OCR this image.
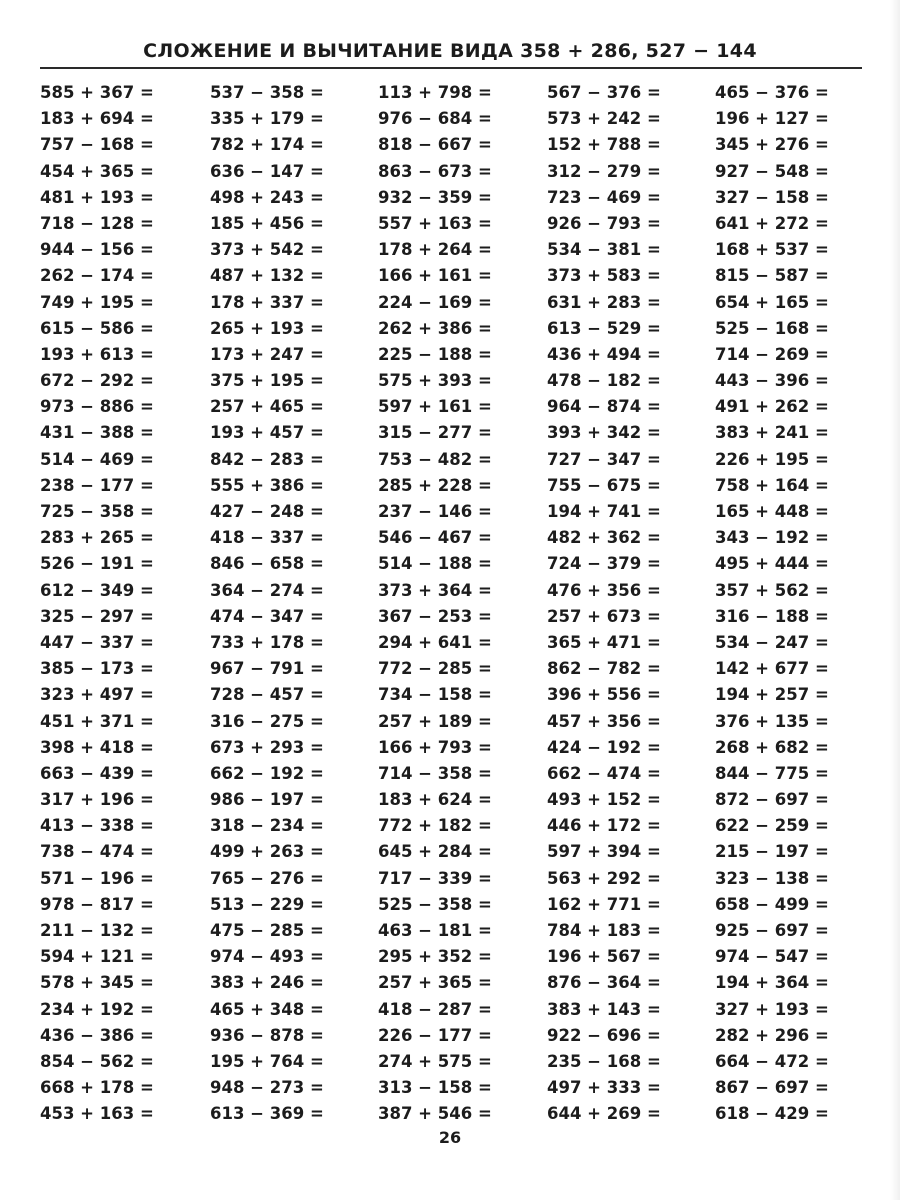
СЛОЖЕНИЕ И ВЫЧИТАНИЕ ВИДА 358 + 286, 527 − 144
585 + 367 =
183 + 694 =
757 − 168 =
454 + 365 =
481 + 193 =
718 − 128 =
944 − 156 =
262 − 174 =
749 + 195 =
615 − 586 =
193 + 613 =
672 − 292 =
973 − 886 =
431 − 388 =
514 − 469 =
238 − 177 =
725 − 358 =
283 + 265 =
526 − 191 =
612 − 349 =
325 − 297 =
447 − 337 =
385 − 173 =
323 + 497 =
451 + 371 =
398 + 418 =
663 − 439 =
317 + 196 =
413 − 338 =
738 − 474 =
571 − 196 =
978 − 817 =
211 − 132 =
594 + 121 =
578 + 345 =
234 + 192 =
436 − 386 =
854 − 562 =
668 + 178 =
453 + 163 =
537 − 358 =
335 + 179 =
782 + 174 =
636 − 147 =
498 + 243 =
185 + 456 =
373 + 542 =
487 + 132 =
178 + 337 =
265 + 193 =
173 + 247 =
375 + 195 =
257 + 465 =
193 + 457 =
842 − 283 =
555 + 386 =
427 − 248 =
418 − 337 =
846 − 658 =
364 − 274 =
474 − 347 =
733 + 178 =
967 − 791 =
728 − 457 =
316 − 275 =
673 + 293 =
662 − 192 =
986 − 197 =
318 − 234 =
499 + 263 =
765 − 276 =
513 − 229 =
475 − 285 =
974 − 493 =
383 + 246 =
465 + 348 =
936 − 878 =
195 + 764 =
948 − 273 =
613 − 369 =
113 + 798 =
976 − 684 =
818 − 667 =
863 − 673 =
932 − 359 =
557 + 163 =
178 + 264 =
166 + 161 =
224 − 169 =
262 + 386 =
225 − 188 =
575 + 393 =
597 + 161 =
315 − 277 =
753 − 482 =
285 + 228 =
237 − 146 =
546 − 467 =
514 − 188 =
373 + 364 =
367 − 253 =
294 + 641 =
772 − 285 =
734 − 158 =
257 + 189 =
166 + 793 =
714 − 358 =
183 + 624 =
772 + 182 =
645 + 284 =
717 − 339 =
525 − 358 =
463 − 181 =
295 + 352 =
257 + 365 =
418 − 287 =
226 − 177 =
274 + 575 =
313 − 158 =
387 + 546 =
567 − 376 =
573 + 242 =
152 + 788 =
312 − 279 =
723 − 469 =
926 − 793 =
534 − 381 =
373 + 583 =
631 + 283 =
613 − 529 =
436 + 494 =
478 − 182 =
964 − 874 =
393 + 342 =
727 − 347 =
755 − 675 =
194 + 741 =
482 + 362 =
724 − 379 =
476 + 356 =
257 + 673 =
365 + 471 =
862 − 782 =
396 + 556 =
457 + 356 =
424 − 192 =
662 − 474 =
493 + 152 =
446 + 172 =
597 + 394 =
563 + 292 =
162 + 771 =
784 + 183 =
196 + 567 =
876 − 364 =
383 + 143 =
922 − 696 =
235 − 168 =
497 + 333 =
644 + 269 =
465 − 376 =
196 + 127 =
345 + 276 =
927 − 548 =
327 − 158 =
641 + 272 =
168 + 537 =
815 − 587 =
654 + 165 =
525 − 168 =
714 − 269 =
443 − 396 =
491 + 262 =
383 + 241 =
226 + 195 =
758 + 164 =
165 + 448 =
343 − 192 =
495 + 444 =
357 + 562 =
316 − 188 =
534 − 247 =
142 + 677 =
194 + 257 =
376 + 135 =
268 + 682 =
844 − 775 =
872 − 697 =
622 − 259 =
215 − 197 =
323 − 138 =
658 − 499 =
925 − 697 =
974 − 547 =
194 + 364 =
327 + 193 =
282 + 296 =
664 − 472 =
867 − 697 =
618 − 429 =
26
